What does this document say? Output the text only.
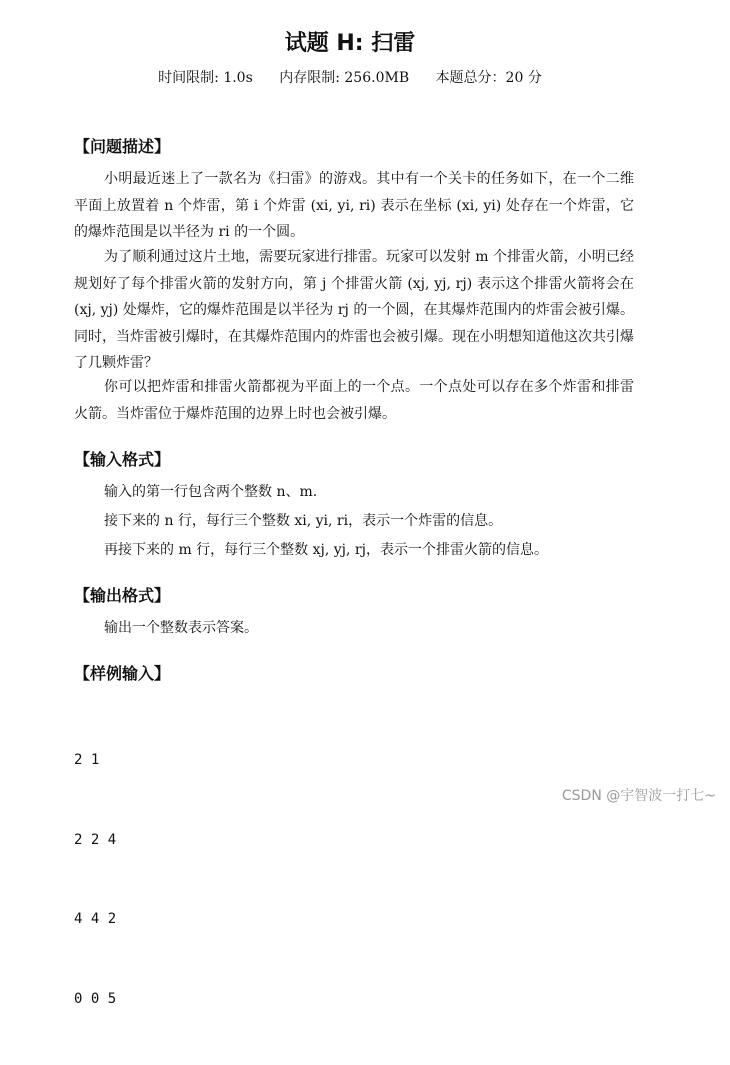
试题 H: 扫雷
时间限制: 1.0s 内存限制: 256.0MB 本题总分：20 分
【问题描述】
小明最近迷上了一款名为《扫雷》的游戏。其中有一个关卡的任务如下，在一个二维平面上放置着 n 个炸雷，第 i 个炸雷 (xi, yi, ri) 表示在坐标 (xi, yi) 处存在一个炸雷，它的爆炸范围是以半径为 ri 的一个圆。
为了顺利通过这片土地，需要玩家进行排雷。玩家可以发射 m 个排雷火箭，小明已经规划好了每个排雷火箭的发射方向，第 j 个排雷火箭 (xj, yj, rj) 表示这个排雷火箭将会在 (xj, yj) 处爆炸，它的爆炸范围是以半径为 rj 的一个圆，在其爆炸范围内的炸雷会被引爆。同时，当炸雷被引爆时，在其爆炸范围内的炸雷也会被引爆。现在小明想知道他这次共引爆了几颗炸雷？
你可以把炸雷和排雷火箭都视为平面上的一个点。一个点处可以存在多个炸雷和排雷火箭。当炸雷位于爆炸范围的边界上时也会被引爆。
【输入格式】
输入的第一行包含两个整数 n、m.
接下来的 n 行，每行三个整数 xi, yi, ri，表示一个炸雷的信息。
再接下来的 m 行，每行三个整数 xj, yj, rj，表示一个排雷火箭的信息。
【输出格式】
输出一个整数表示答案。
【样例输入】

2 1

2 2 4

4 4 2

0 0 5

CSDN @宇智波一打七~
